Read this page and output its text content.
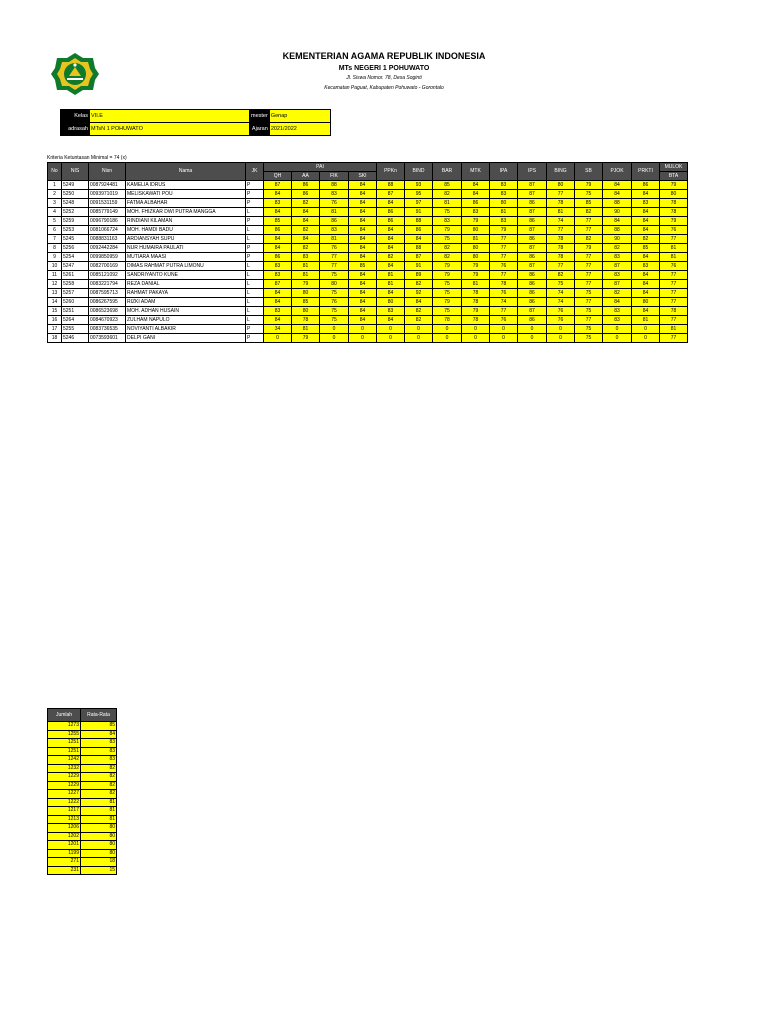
KEMENTERIAN AGAMA REPUBLIK INDONESIA
MTs NEGERI 1 POHUWATO
Jl. Siswa Nomor. 78, Desa Soginti
Kecamatan Paguat, Kabupaten Pohuwato - Gorontalo
Kelas	VII.E	mester	Genap
adrasah	MTsN 1 POHUWATO	Ajaran	2021/2022
Kriteria Ketuntasan Minimal = 74 (x)
No	NIS	Nisn	Nama	JK	PAI				PPKn	BIND	BAR	MTK	IPA	IPS	BING	SB	PJOK	PRKTI	MULOK
					QH	AA	FIK	SKI											BTA
1	5249	0087924481	KAMELIA IDRUS	P	87	86	88	84	88	93	85	84	83	87	80	79	84	86	79
2	5250	0093971019	MELISKAWATI POU	P	84	86	83	84	87	95	82	84	83	87	77	75	84	84	80
3	5248	0091531159	FATMA ALBAHAR	P	83	82	76	84	84	97	81	86	80	86	78	85	88	83	78
4	5252	0085779149	MOH. FHIZKAR DWI PUTRA MANGGA	L	84	84	81	84	86	91	75	83	81	87	81	82	90	84	78
5	5259	0096790186	RINDIANI KILAMAN	P	85	84	86	84	86	88	83	79	83	86	74	77	84	84	79
6	5253	0081066724	MOH. HAMDI BADU	L	86	82	83	84	84	86	79	80	79	87	77	77	88	84	76
7	5245	0088831163	ARDIANSYAH SUPU	L	84	84	81	84	84	84	75	81	77	86	78	82	90	82	77
8	5256	0092442284	NUR HUMAIRA PAULATI	P	84	82	76	84	84	88	82	80	77	87	78	79	82	85	81
9	5254	0099850959	MUTIARA MAASI	P	86	83	77	84	82	87	82	80	77	86	78	77	83	84	81
10	5247	0082700169	DIMAS RAHMAT PUTRA LIMONU	L	83	81	77	85	84	91	79	79	76	87	77	77	87	83	76
11	5261	0085121092	SANDRIYANTO KUNE	L	83	81	75	84	81	89	79	79	77	86	82	77	83	84	77
12	5258	0083221794	REZA DANIAL	L	87	79	80	84	81	82	75	81	78	86	75	77	87	84	77
13	5257	0087595713	RAHMAT PAKAYA	L	84	80	75	84	84	92	75	78	76	86	74	75	82	84	77
14	5260	0086267595	RIZKI ADAM	L	84	85	76	84	80	84	79	78	74	86	74	77	84	80	77
15	5251	0086523698	MOH. ADHAN HUSAIN	L	83	80	75	84	83	82	75	79	77	87	76	75	83	84	78
16	5264	0084670923	ZULHAM NAPULO	L	84	78	75	84	84	82	78	78	76	86	76	77	83	81	77
17	5255	0083736535	NOVIYANTI ALBAKIR	P	34	81	0	0	0	0	0	0	0	0	0	75	0	0	81
18	5246	0073593601	DELPI GANI	P	0	79	0	0	0	0	0	0	0	0	0	75	0	0	77
Jumlah	Rata-Rata
1273	85
1255	84
1251	83
1251	83
1242	83
1232	82
1229	82
1229	82
1227	82
1222	81
1217	81
1213	81
1206	80
1202	80
1201	80
1199	80
271	18
231	15
